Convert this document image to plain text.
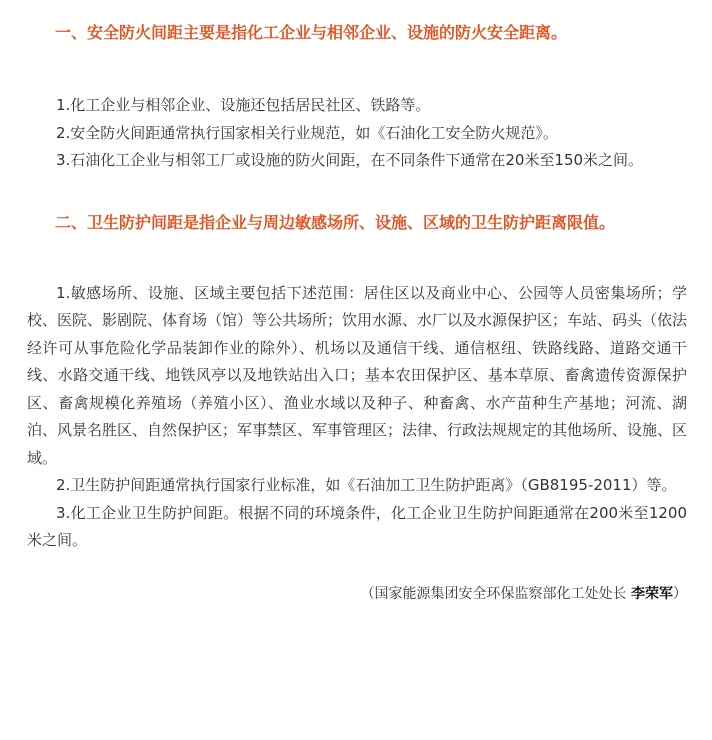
一、安全防火间距主要是指化工企业与相邻企业、设施的防火安全距离。

1.化工企业与相邻企业、设施还包括居民社区、铁路等。

2.安全防火间距通常执行国家相关行业规范，如《石油化工安全防火规范》。

3.石油化工企业与相邻工厂或设施的防火间距，在不同条件下通常在20米至150米之间。

二、卫生防护间距是指企业与周边敏感场所、设施、区域的卫生防护距离限值。

1.敏感场所、设施、区域主要包括下述范围：居住区以及商业中心、公园等人员密集场所；学校、医院、影剧院、体育场（馆）等公共场所；饮用水源、水厂以及水源保护区；车站、码头（依法经许可从事危险化学品装卸作业的除外）、机场以及通信干线、通信枢纽、铁路线路、道路交通干线、水路交通干线、地铁风亭以及地铁站出入口；基本农田保护区、基本草原、畜禽遗传资源保护区、畜禽规模化养殖场（养殖小区）、渔业水域以及种子、种畜禽、水产苗种生产基地；河流、湖泊、风景名胜区、自然保护区；军事禁区、军事管理区；法律、行政法规规定的其他场所、设施、区域。

2.卫生防护间距通常执行国家行业标准，如《石油加工卫生防护距离》（GB8195-2011）等。

3.化工企业卫生防护间距。根据不同的环境条件，化工企业卫生防护间距通常在200米至1200米之间。

（国家能源集团安全环保监察部化工处处长 李荣军）
